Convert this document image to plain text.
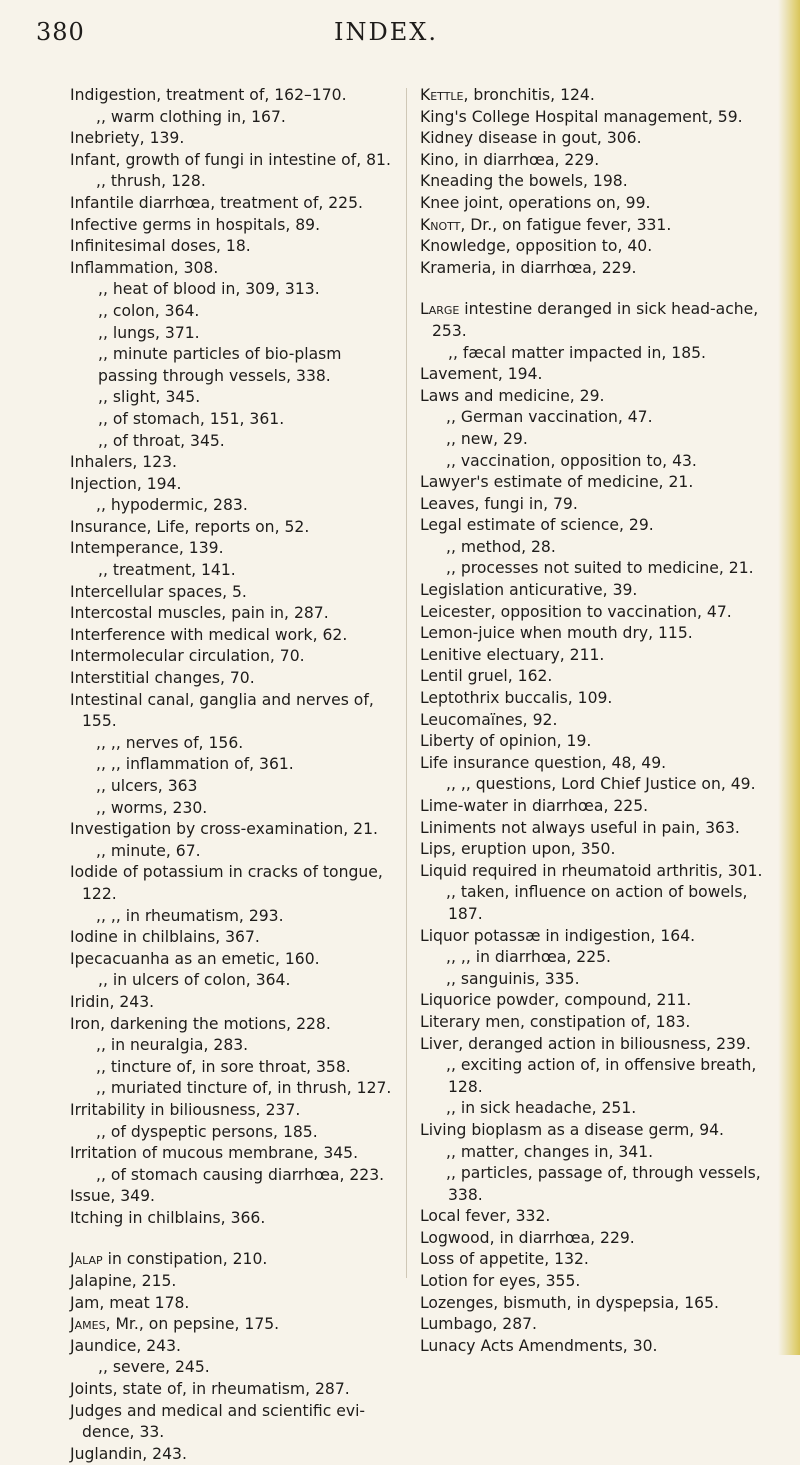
380	INDEX.
Indigestion, treatment of, 162–170.
,, warm clothing in, 167.
Inebriety, 139.
Infant, growth of fungi in intestine of, 81.
,, thrush, 128.
Infantile diarrhœa, treatment of, 225.
Infective germs in hospitals, 89.
Infinitesimal doses, 18.
Inflammation, 308.
,, heat of blood in, 309, 313.
,, colon, 364.
,, lungs, 371.
,, minute particles of bio-plasm passing through vessels, 338.
,, slight, 345.
,, of stomach, 151, 361.
,, of throat, 345.
Inhalers, 123.
Injection, 194.
,, hypodermic, 283.
Insurance, Life, reports on, 52.
Intemperance, 139.
,, treatment, 141.
Intercellular spaces, 5.
Intercostal muscles, pain in, 287.
Interference with medical work, 62.
Intermolecular circulation, 70.
Interstitial changes, 70.
Intestinal canal, ganglia and nerves of, 155.
,, ,, nerves of, 156.
,, ,, inflammation of, 361.
,, ulcers, 363
,, worms, 230.
Investigation by cross-examination, 21.
,, minute, 67.
Iodide of potassium in cracks of tongue, 122.
,, ,, in rheumatism, 293.
Iodine in chilblains, 367.
Ipecacuanha as an emetic, 160.
,, in ulcers of colon, 364.
Iridin, 243.
Iron, darkening the motions, 228.
,, in neuralgia, 283.
,, tincture of, in sore throat, 358.
,, muriated tincture of, in thrush, 127.
Irritability in biliousness, 237.
,, of dyspeptic persons, 185.
Irritation of mucous membrane, 345.
,, of stomach causing diarrhœa, 223.
Issue, 349.
Itching in chilblains, 366.
Jalap in constipation, 210.
Jalapine, 215.
Jam, meat 178.
James, Mr., on pepsine, 175.
Jaundice, 243.
,, severe, 245.
Joints, state of, in rheumatism, 287.
Judges and medical and scientific evi-dence, 33.
Juglandin, 243.
Kettle, bronchitis, 124.
King's College Hospital management, 59.
Kidney disease in gout, 306.
Kino, in diarrhœa, 229.
Kneading the bowels, 198.
Knee joint, operations on, 99.
Knott, Dr., on fatigue fever, 331.
Knowledge, opposition to, 40.
Krameria, in diarrhœa, 229.
Large intestine deranged in sick head-ache, 253.
,, fæcal matter impacted in, 185.
Lavement, 194.
Laws and medicine, 29.
,, German vaccination, 47.
,, new, 29.
,, vaccination, opposition to, 43.
Lawyer's estimate of medicine, 21.
Leaves, fungi in, 79.
Legal estimate of science, 29.
,, method, 28.
,, processes not suited to medicine, 21.
Legislation anticurative, 39.
Leicester, opposition to vaccination, 47.
Lemon-juice when mouth dry, 115.
Lenitive electuary, 211.
Lentil gruel, 162.
Leptothrix buccalis, 109.
Leucomaïnes, 92.
Liberty of opinion, 19.
Life insurance question, 48, 49.
,, ,, questions, Lord Chief Justice on, 49.
Lime-water in diarrhœa, 225.
Liniments not always useful in pain, 363.
Lips, eruption upon, 350.
Liquid required in rheumatoid arthritis, 301.
,, taken, influence on action of bowels, 187.
Liquor potassæ in indigestion, 164.
,, ,, in diarrhœa, 225.
,, sanguinis, 335.
Liquorice powder, compound, 211.
Literary men, constipation of, 183.
Liver, deranged action in biliousness, 239.
,, exciting action of, in offensive breath, 128.
,, in sick headache, 251.
Living bioplasm as a disease germ, 94.
,, matter, changes in, 341.
,, particles, passage of, through vessels, 338.
Local fever, 332.
Logwood, in diarrhœa, 229.
Loss of appetite, 132.
Lotion for eyes, 355.
Lozenges, bismuth, in dyspepsia, 165.
Lumbago, 287.
Lunacy Acts Amendments, 30.
